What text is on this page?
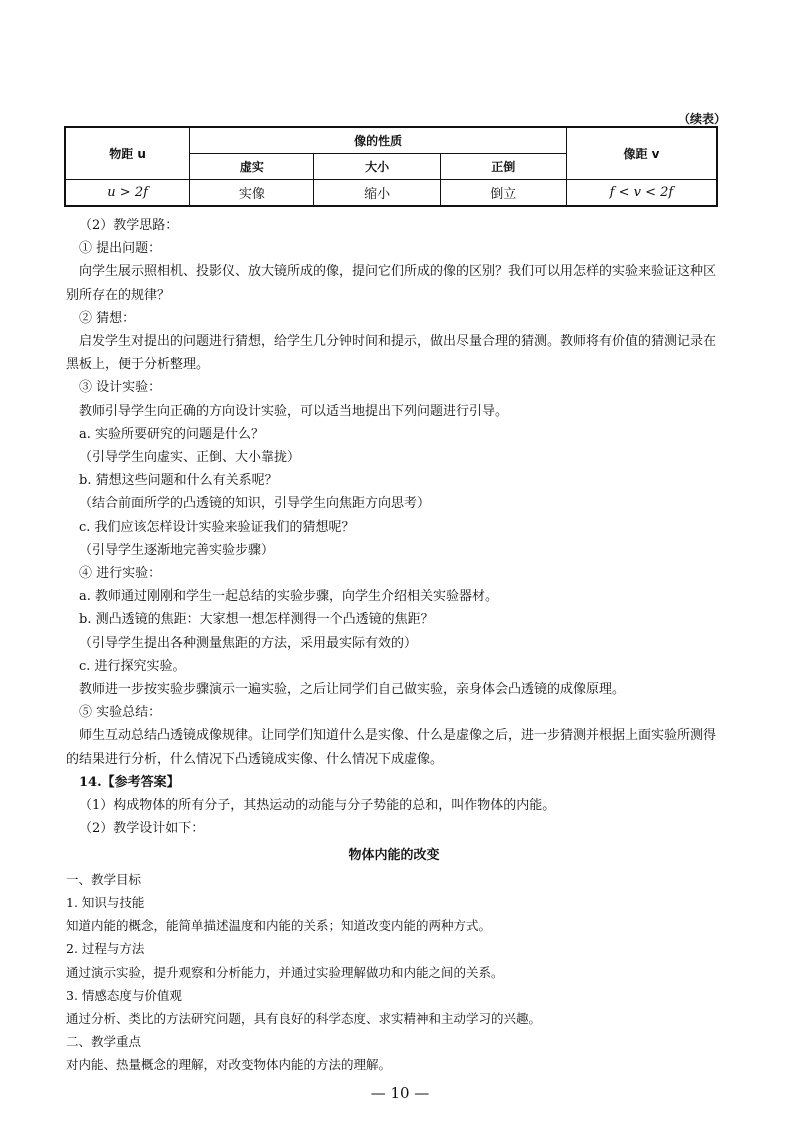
（续表）
物距 u	像的性质			像距 v
	虚实	大小	正倒	
u > 2f	实像	缩小	倒立	f < v < 2f

（2）教学思路：

① 提出问题：

向学生展示照相机、投影仪、放大镜所成的像，提问它们所成的像的区别？我们可以用怎样的实验来验证这种区别所存在的规律？

② 猜想：

启发学生对提出的问题进行猜想，给学生几分钟时间和提示，做出尽量合理的猜测。教师将有价值的猜测记录在黑板上，便于分析整理。

③ 设计实验：

教师引导学生向正确的方向设计实验，可以适当地提出下列问题进行引导。

a. 实验所要研究的问题是什么？

（引导学生向虚实、正倒、大小靠拢）

b. 猜想这些问题和什么有关系呢？

（结合前面所学的凸透镜的知识，引导学生向焦距方向思考）

c. 我们应该怎样设计实验来验证我们的猜想呢？

（引导学生逐渐地完善实验步骤）

④ 进行实验：

a. 教师通过刚刚和学生一起总结的实验步骤，向学生介绍相关实验器材。

b. 测凸透镜的焦距：大家想一想怎样测得一个凸透镜的焦距？

（引导学生提出各种测量焦距的方法，采用最实际有效的）

c. 进行探究实验。

教师进一步按实验步骤演示一遍实验，之后让同学们自己做实验，亲身体会凸透镜的成像原理。

⑤ 实验总结：

师生互动总结凸透镜成像规律。让同学们知道什么是实像、什么是虚像之后，进一步猜测并根据上面实验所测得的结果进行分析，什么情况下凸透镜成实像、什么情况下成虚像。

14.【参考答案】

（1）构成物体的所有分子，其热运动的动能与分子势能的总和，叫作物体的内能。

（2）教学设计如下：

物体内能的改变

一、教学目标

1. 知识与技能

知道内能的概念，能简单描述温度和内能的关系；知道改变内能的两种方式。

2. 过程与方法

通过演示实验，提升观察和分析能力，并通过实验理解做功和内能之间的关系。

3. 情感态度与价值观

通过分析、类比的方法研究问题，具有良好的科学态度、求实精神和主动学习的兴趣。

二、教学重点

对内能、热量概念的理解，对改变物体内能的方法的理解。

— 10 —
